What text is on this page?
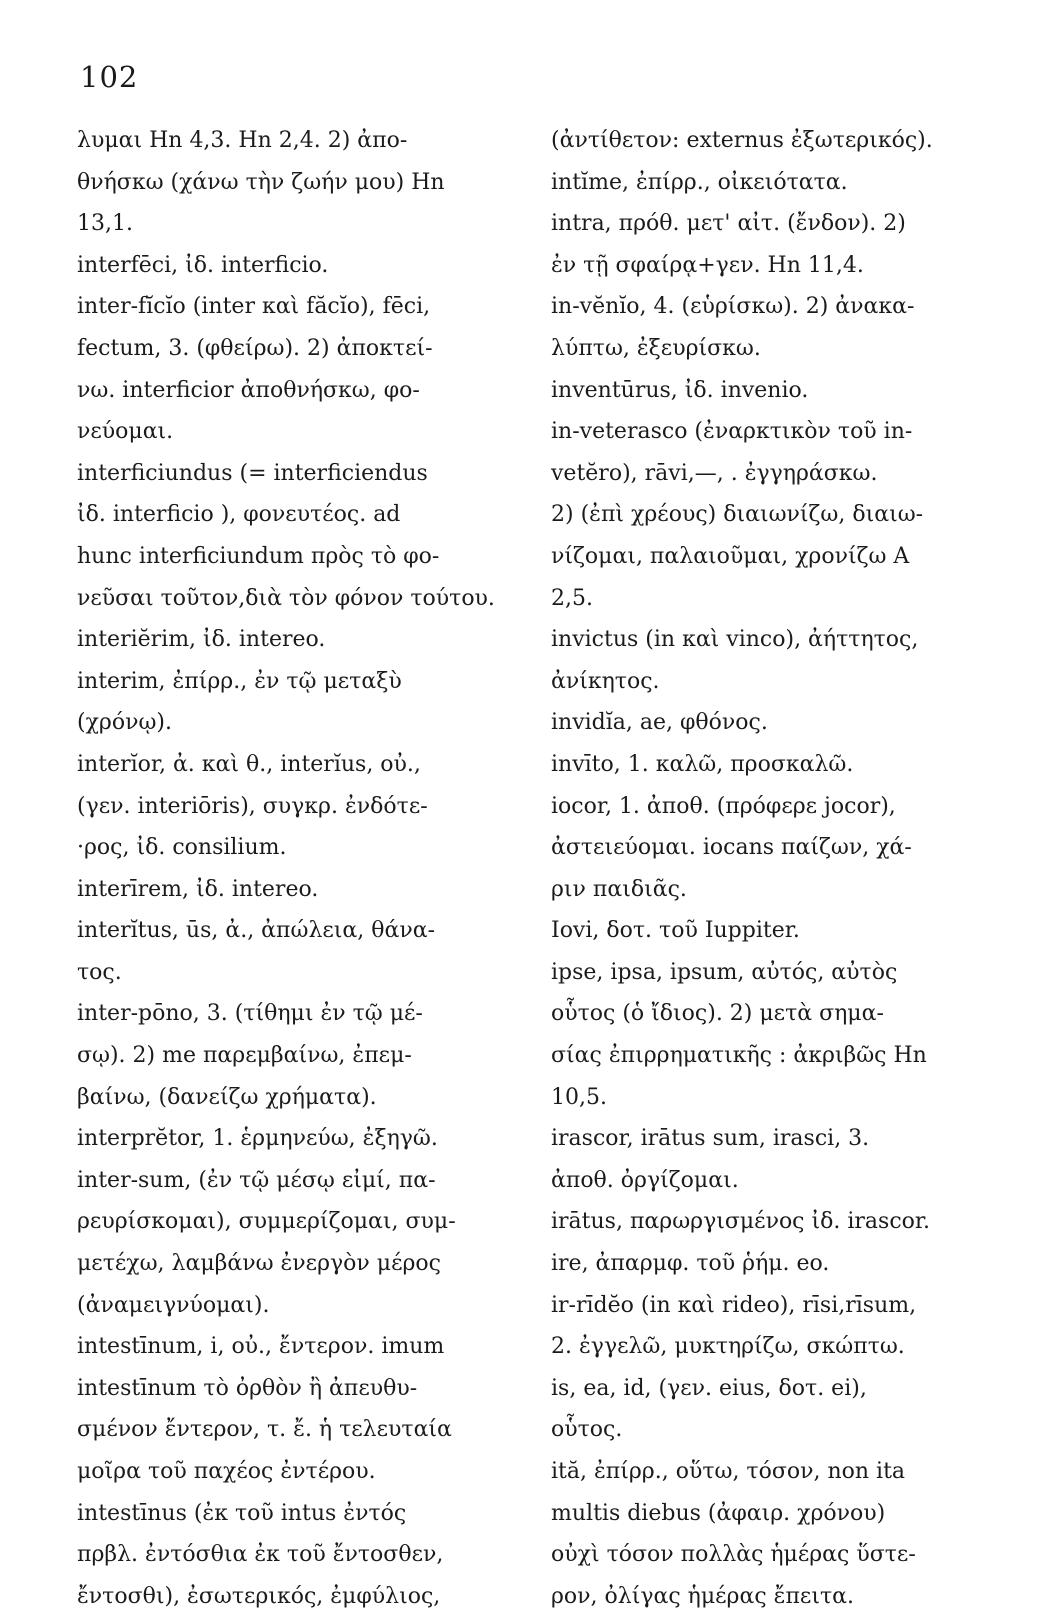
102
λυμαι Hn 4,3. Hn 2,4. 2) ἀπο-
θνήσκω (χάνω τὴν ζωήν μου) Hn
13,1.
interfēci, ἰδ. interficio.
inter-fĭcĭo (inter καὶ făcĭo), fēci,
fectum, 3. (φθείρω). 2) ἀποκτεί-
νω. interficior ἀποθνήσκω, φο-
νεύομαι.
interficiundus (= interficiendus
ἰδ. interficio ), φονευτέος. ad
hunc interficiundum πρὸς τὸ φο-
νεῦσαι τοῦτον,διὰ τὸν φόνον τούτου.
interiĕrim, ἰδ. intereo.
interim, ἐπίρρ., ἐν τῷ μεταξὺ
(χρόνῳ).
interĭor, ἀ. καὶ θ., interĭus, οὐ.,
(γεν. interiōris), συγκρ. ἐνδότε-
·ρος, ἰδ. consilium.
interīrem, ἰδ. intereo.
interĭtus, ūs, ἀ., ἀπώλεια, θάνα-
τος.
inter-pōno, 3. (τίθημι ἐν τῷ μέ-
σῳ). 2) me παρεμβαίνω, ἐπεμ-
βαίνω, (δανείζω χρήματα).
interprĕtor, 1. ἑρμηνεύω, ἐξηγῶ.
inter-sum, (ἐν τῷ μέσῳ εἰμί, πα-
ρευρίσκομαι), συμμερίζομαι, συμ-
μετέχω, λαμβάνω ἐνεργὸν μέρος
(ἀναμειγνύομαι).
intestīnum, i, οὐ., ἔντερον. imum
intestīnum τὸ ὀρθὸν ἢ ἀπευθυ-
σμένον ἔντερον, τ. ἔ. ἡ τελευταία
μοῖρα τοῦ παχέος ἐντέρου.
intestīnus (ἐκ τοῦ intus ἐντός
πρβλ. ἐντόσθια ἐκ τοῦ ἔντοσθεν,
ἔντοσθι), ἐσωτερικός, ἐμφύλιος,
(ἀντίθετον: externus ἐξωτερικός).
intĭme, ἐπίρρ., οἰκειότατα.
intra, πρόθ. μετ' αἰτ. (ἔνδον). 2)
ἐν τῇ σφαίρᾳ+γεν. Hn 11,4.
in-vĕnĭo, 4. (εὑρίσκω). 2) ἀνακα-
λύπτω, ἐξευρίσκω.
inventūrus, ἰδ. invenio.
in-veterasco (ἐναρκτικὸν τοῦ in-
vetĕro), rāvi,—, . ἐγγηράσκω.
2) (ἐπὶ χρέους) διαιωνίζω, διαιω-
νίζομαι, παλαιοῦμαι, χρονίζω A
2,5.
invictus (in καὶ vinco), ἀήττητος,
ἀνίκητος.
invidĭa, ae, φθόνος.
invīto, 1. καλῶ, προσκαλῶ.
iocor, 1. ἀποθ. (πρόφερε jocor),
ἀστειεύομαι. iocans παίζων, χά-
ριν παιδιᾶς.
Iovi, δοτ. τοῦ Iuppiter.
ipse, ipsa, ipsum, αὐτός, αὐτὸς
οὗτος (ὁ ἴδιος). 2) μετὰ σημα-
σίας ἐπιρρηματικῆς : ἀκριβῶς Hn
10,5.
irascor, irātus sum, irasci, 3.
ἀποθ. ὀργίζομαι.
irātus, παρωργισμένος ἰδ. irascor.
ire, ἀπαρμφ. τοῦ ῥήμ. eo.
ir-rīdĕo (in καὶ rideo), rīsi,rīsum,
2. ἐγγελῶ, μυκτηρίζω, σκώπτω.
is, ea, id, (γεν. eius, δοτ. ei),
οὗτος.
ită, ἐπίρρ., οὕτω, τόσον, non ita
multis diebus (ἀφαιρ. χρόνου)
οὐχὶ τόσον πολλὰς ἡμέρας ὕστε-
ρον, ὀλίγας ἡμέρας ἔπειτα.
